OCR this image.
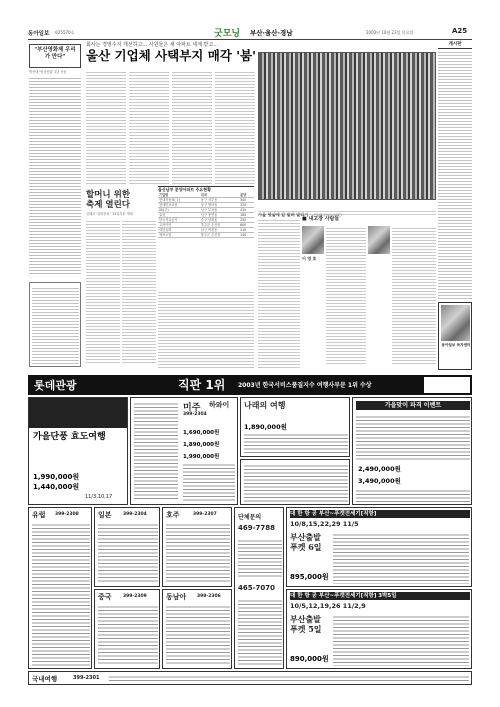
동아일보 제25570호	굿모닝 부산·울산·경남	2003년 10월 23일 목요일	A25
"부산영화제 우리가 만다"
영산대 '영상산업' 1년 운동
회사는 경영수지 개선하고… 사원들은 새 아파트 세계 받고…
울산 기업체 사택부지 매각 '붐'
가을 햇살에 감 말려 말리기 (밀레니어스 입맛)
할머니 위한
축제 열린다
김해시 '실버잔치 ' 25일부터 개최
울산남부 분양아파트 주요현황
기업명	위치	분양
현대자동차(주)	동구 서부동	500
현대미포조선	동구 방어동	320
SK(주)	남구 부곡동	410
효성	남구 용연동	180
한국석유공사	중구 남외동	250
고려아연	울주군 온산읍	600
대한유화	남구 여천동	210
에쓰오일	울주군 온산읍	140
■ 내고장 사람들
이 영 호
게시판
동아일보 독자센터
롯데관광	직판 1위 2003년 한국서비스품질지수 여행사부문 1위 수상
가을단풍 효도여행
1,990,000원
1,440,000원
11/3,10,17
미주
399-2304
하와이
1,690,000원
1,890,000원
1,990,000원
나래의 여행
1,890,000원
가을맞이 파격 이벤트
2,490,000원
3,490,000원
유럽 399-2308	일본	399-2304
중국	399-2309
호주	399-2307
동남아 399-2306
단체문의
469-7788
465-7070
대 한 항 공 부산~푸켓전세기[직항]
10/8,15,22,29 11/5
부산출발 푸켓 6일
895,000원
대 한 항 공 부산~푸켓전세기[직항] 3박5일
10/5,12,19,26 11/2,9
부산출발 푸켓 5일
890,000원
국내여행	399-2301
